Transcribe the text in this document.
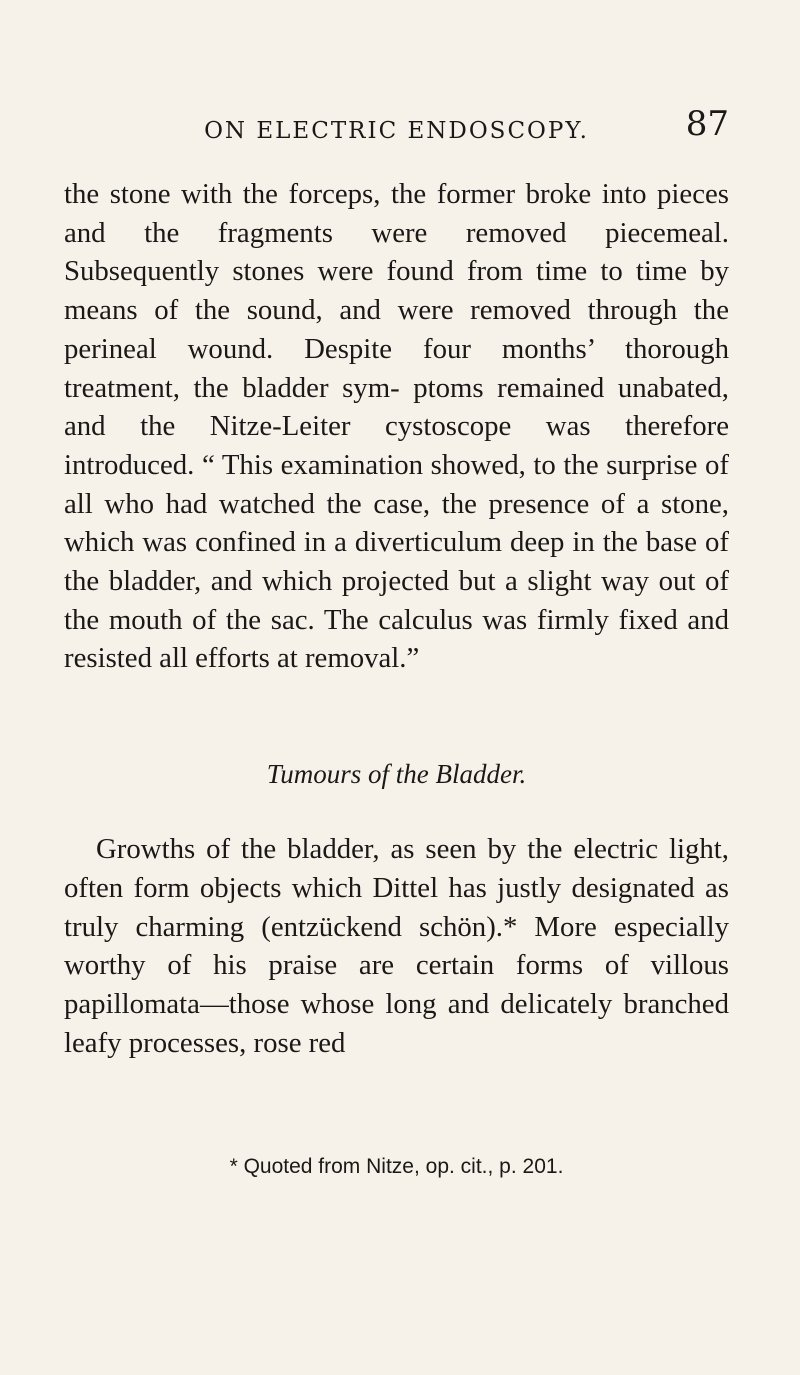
ON ELECTRIC ENDOSCOPY.	87

the stone with the forceps, the former broke into pieces and the fragments were removed piecemeal. Subsequently stones were found from time to time by means of the sound, and were removed through the perineal wound. Despite four months’ thorough treatment, the bladder sym- ptoms remained unabated, and the Nitze-Leiter cystoscope was therefore introduced. “ This examination showed, to the surprise of all who had watched the case, the presence of a stone, which was confined in a diverticulum deep in the base of the bladder, and which projected but a slight way out of the mouth of the sac. The calculus was firmly fixed and resisted all efforts at removal.”

Tumours of the Bladder.

Growths of the bladder, as seen by the electric light, often form objects which Dittel has justly designated as truly charming (entzückend schön).* More especially worthy of his praise are certain forms of villous papillomata—those whose long and delicately branched leafy processes, rose red

* Quoted from Nitze, op. cit., p. 201.
